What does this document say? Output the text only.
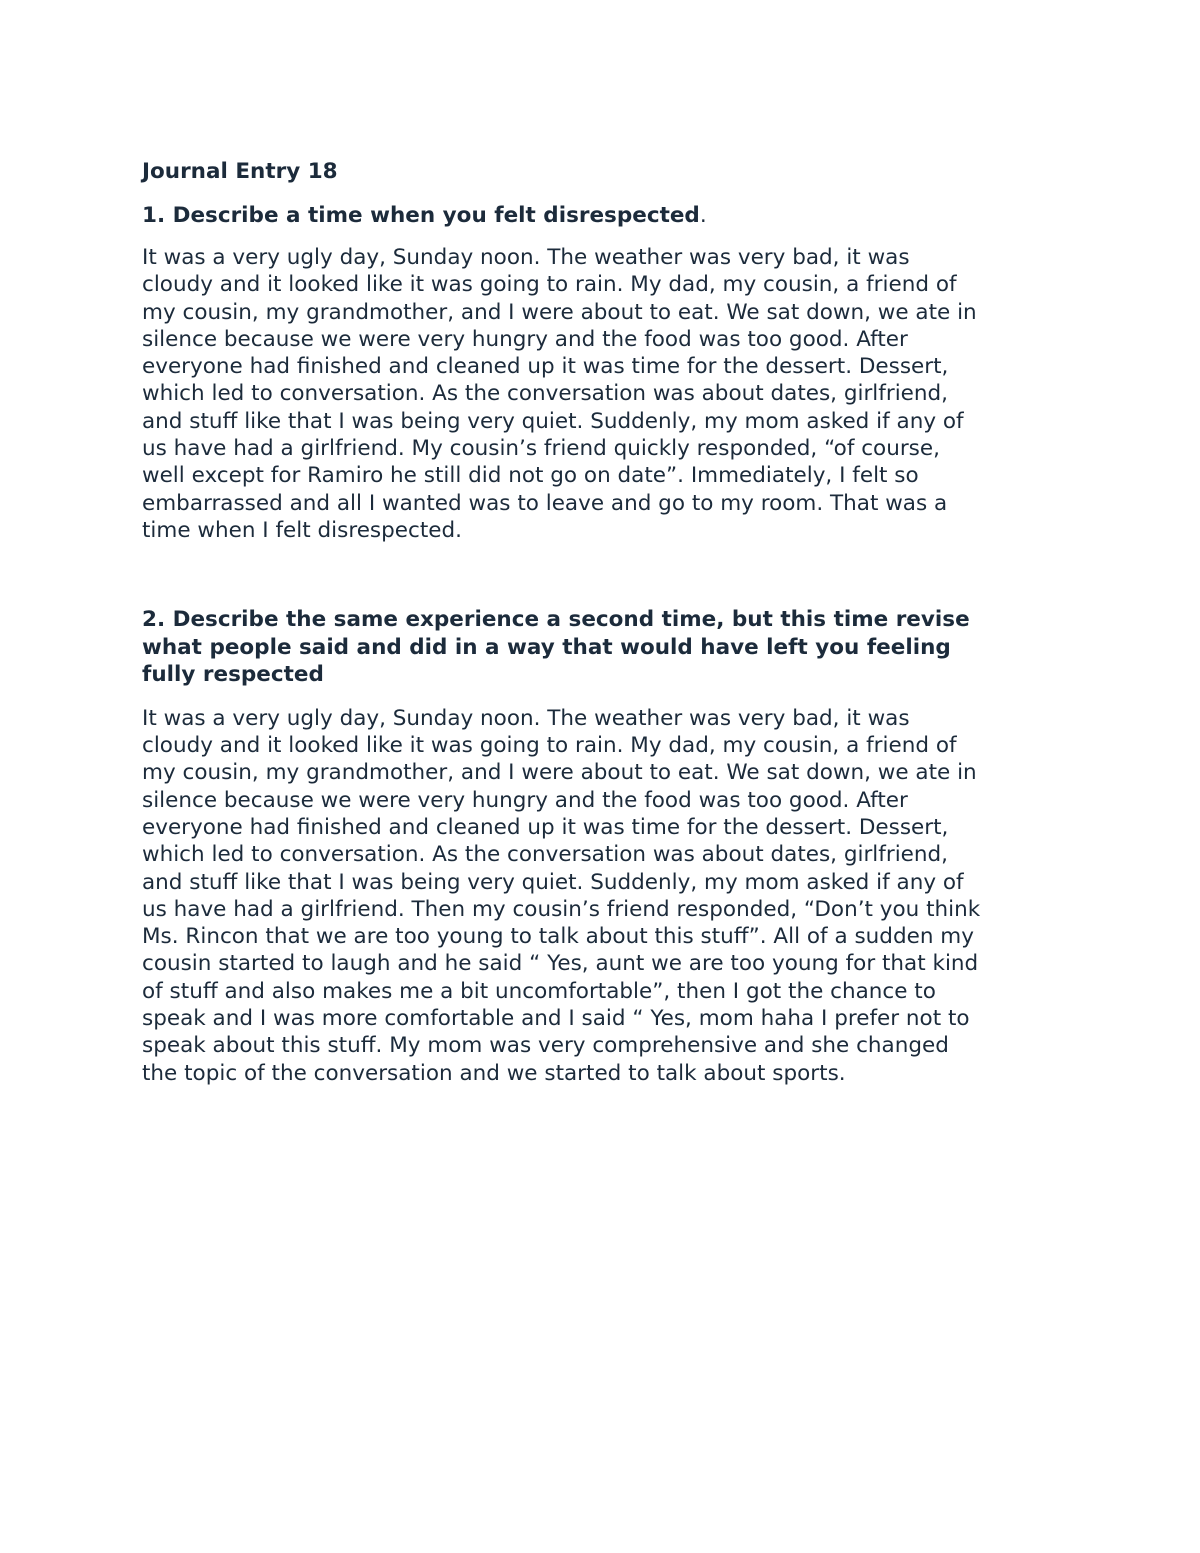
Journal Entry 18
1. Describe a time when you felt disrespected.
It was a very ugly day, Sunday noon. The weather was very bad, it was
cloudy and it looked like it was going to rain. My dad, my cousin, a friend of
my cousin, my grandmother, and I were about to eat. We sat down, we ate in
silence because we were very hungry and the food was too good. After
everyone had finished and cleaned up it was time for the dessert. Dessert,
which led to conversation. As the conversation was about dates, girlfriend,
and stuff like that I was being very quiet. Suddenly, my mom asked if any of
us have had a girlfriend. My cousin’s friend quickly responded, “of course,
well except for Ramiro he still did not go on date”. Immediately, I felt so
embarrassed and all I wanted was to leave and go to my room. That was a
time when I felt disrespected.
2. Describe the same experience a second time, but this time revise
what people said and did in a way that would have left you feeling
fully respected
It was a very ugly day, Sunday noon. The weather was very bad, it was
cloudy and it looked like it was going to rain. My dad, my cousin, a friend of
my cousin, my grandmother, and I were about to eat. We sat down, we ate in
silence because we were very hungry and the food was too good. After
everyone had finished and cleaned up it was time for the dessert. Dessert,
which led to conversation. As the conversation was about dates, girlfriend,
and stuff like that I was being very quiet. Suddenly, my mom asked if any of
us have had a girlfriend. Then my cousin’s friend responded, “Don’t you think
Ms. Rincon that we are too young to talk about this stuff”. All of a sudden my
cousin started to laugh and he said “ Yes, aunt we are too young for that kind
of stuff and also makes me a bit uncomfortable”, then I got the chance to
speak and I was more comfortable and I said “ Yes, mom haha I prefer not to
speak about this stuff. My mom was very comprehensive and she changed
the topic of the conversation and we started to talk about sports.
